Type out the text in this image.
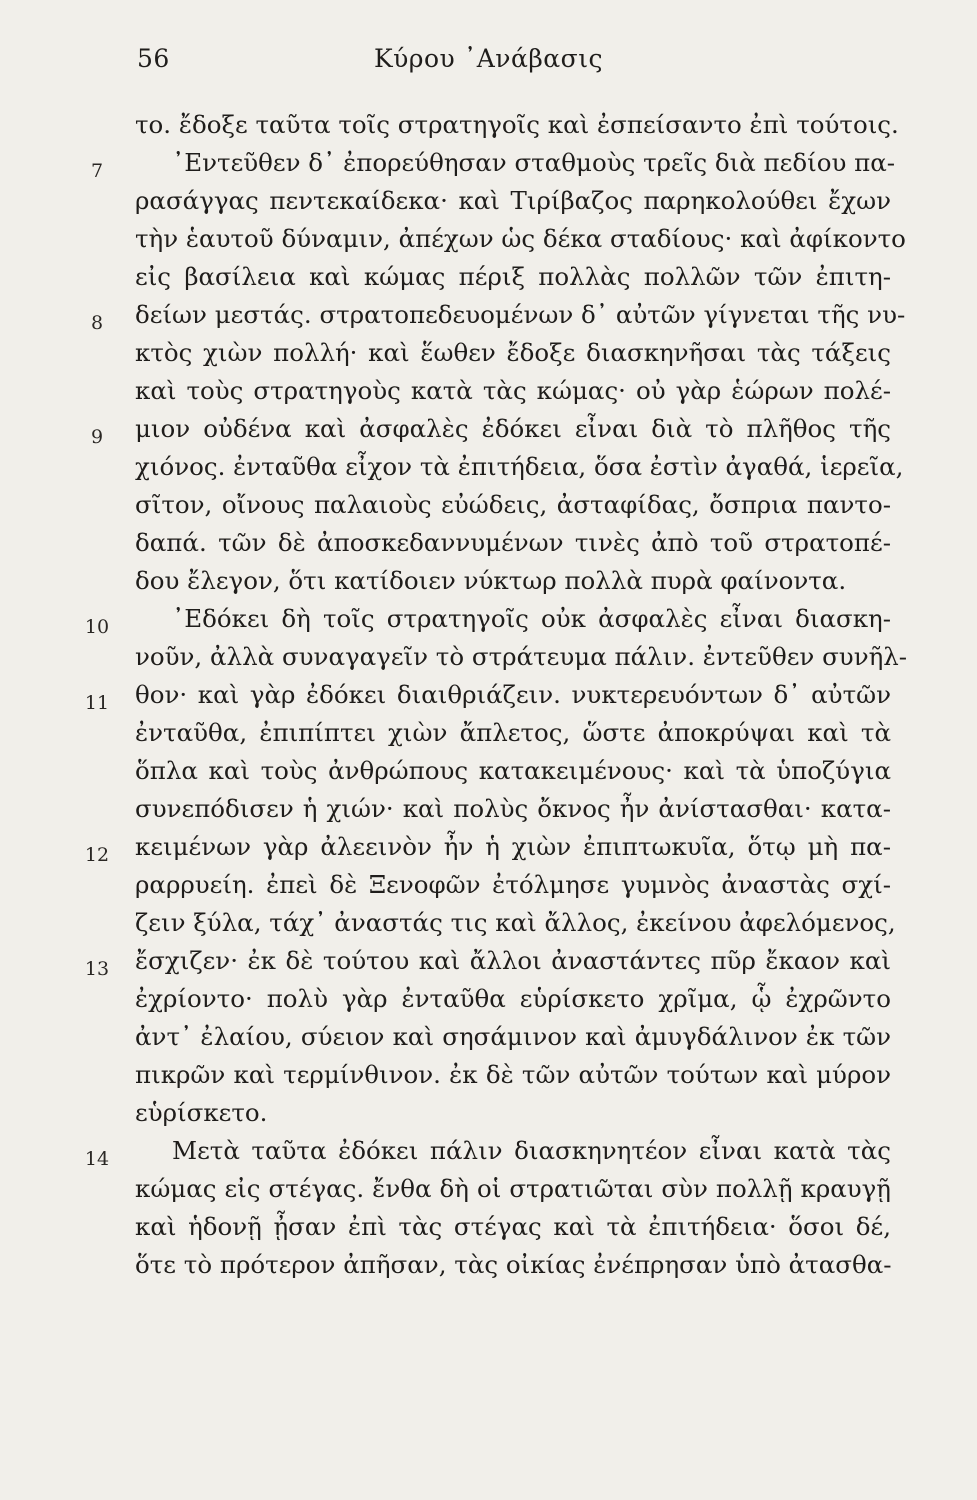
56	Κύρου ᾿Ανάβασις
το. ἔδοξε ταῦτα τοῖς στρατηγοῖς καὶ ἐσπείσαντο ἐπὶ τούτοις.
7	᾿Εντεῦθεν δ᾿ ἐπορεύθησαν σταθμοὺς τρεῖς διὰ πεδίου πα-
ρασάγγας πεντεκαίδεκα· καὶ Τιρίβαζος παρηκολούθει ἔχων
τὴν ἑαυτοῦ δύναμιν, ἀπέχων ὡς δέκα σταδίους· καὶ ἀφίκοντο
εἰς βασίλεια καὶ κώμας πέριξ πολλὰς πολλῶν τῶν ἐπιτη-
8	δείων μεστάς. στρατοπεδευομένων δ᾿ αὐτῶν γίγνεται τῆς νυ-
κτὸς χιὼν πολλή· καὶ ἕωθεν ἔδοξε διασκηνῆσαι τὰς τάξεις
καὶ τοὺς στρατηγοὺς κατὰ τὰς κώμας· οὐ γὰρ ἑώρων πολέ-
9	μιον οὐδένα καὶ ἀσφαλὲς ἐδόκει εἶναι διὰ τὸ πλῆθος τῆς
χιόνος. ἐνταῦθα εἶχον τὰ ἐπιτήδεια, ὅσα ἐστὶν ἀγαθά, ἱερεῖα,
σῖτον, οἴνους παλαιοὺς εὐώδεις, ἀσταφίδας, ὄσπρια παντο-
δαπά. τῶν δὲ ἀποσκεδαννυμένων τινὲς ἀπὸ τοῦ στρατοπέ-
δου ἔλεγον, ὅτι κατίδοιεν νύκτωρ πολλὰ πυρὰ φαίνοντα.
10	᾿Εδόκει δὴ τοῖς στρατηγοῖς οὐκ ἀσφαλὲς εἶναι διασκη-
νοῦν, ἀλλὰ συναγαγεῖν τὸ στράτευμα πάλιν. ἐντεῦθεν συνῆλ-
11 θον· καὶ γὰρ ἐδόκει διαιθριάζειν. νυκτερευόντων δ᾿ αὐτῶν
ἐνταῦθα, ἐπιπίπτει χιὼν ἄπλετος, ὥστε ἀποκρύψαι καὶ τὰ
ὅπλα καὶ τοὺς ἀνθρώπους κατακειμένους· καὶ τὰ ὑποζύγια
συνεπόδισεν ἡ χιών· καὶ πολὺς ὄκνος ἦν ἀνίστασθαι· κατα-
12 κειμένων γὰρ ἀλεεινὸν ἦν ἡ χιὼν ἐπιπτωκυῖα, ὅτῳ μὴ πα-
ραρρυείη. ἐπεὶ δὲ Ξενοφῶν ἐτόλμησε γυμνὸς ἀναστὰς σχί-
ζειν ξύλα, τάχ᾿ ἀναστάς τις καὶ ἄλλος, ἐκείνου ἀφελόμενος,
13 ἔσχιζεν· ἐκ δὲ τούτου καὶ ἄλλοι ἀναστάντες πῦρ ἔκαον καὶ
ἐχρίοντο· πολὺ γὰρ ἐνταῦθα εὑρίσκετο χρῖμα, ᾧ ἐχρῶντο
ἀντ᾿ ἐλαίου, σύειον καὶ σησάμινον καὶ ἀμυγδάλινον ἐκ τῶν
πικρῶν καὶ τερμίνθινον. ἐκ δὲ τῶν αὐτῶν τούτων καὶ μύρον
εὑρίσκετο.
14	Μετὰ ταῦτα ἐδόκει πάλιν διασκηνητέον εἶναι κατὰ τὰς
κώμας εἰς στέγας. ἔνθα δὴ οἱ στρατιῶται σὺν πολλῇ κραυγῇ
καὶ ἡδονῇ ᾖσαν ἐπὶ τὰς στέγας καὶ τὰ ἐπιτήδεια· ὅσοι δέ,
ὅτε τὸ πρότερον ἀπῆσαν, τὰς οἰκίας ἐνέπρησαν ὑπὸ ἀτασθα-
